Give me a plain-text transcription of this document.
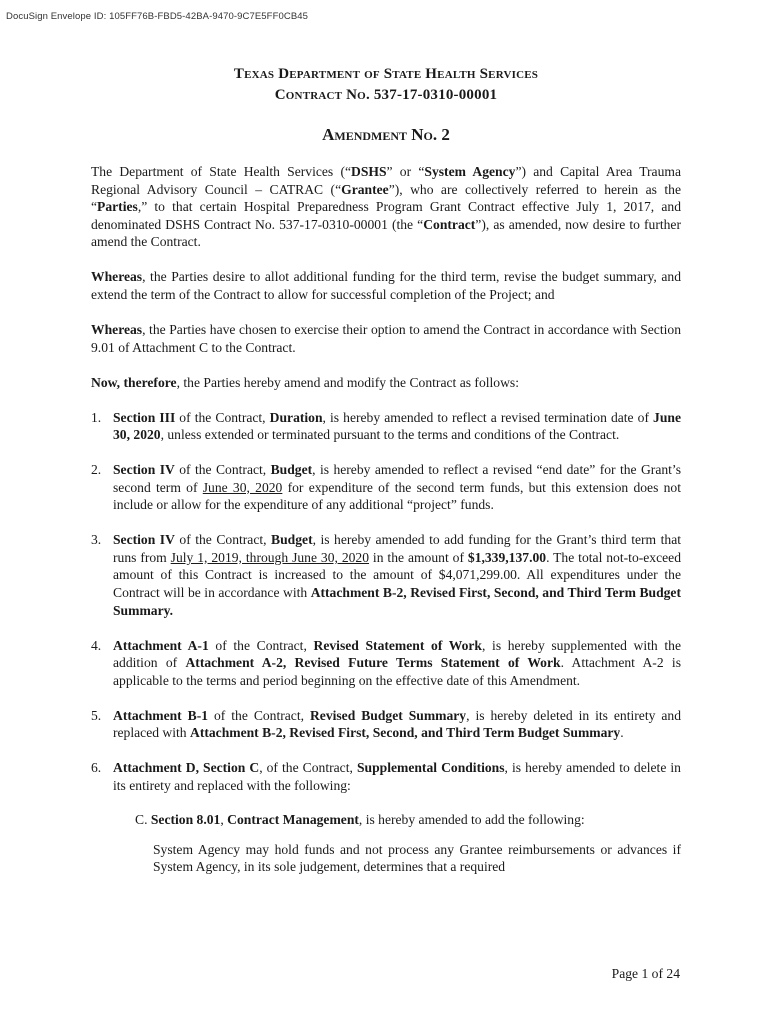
DocuSign Envelope ID: 105FF76B-FBD5-42BA-9470-9C7E5FF0CB45
Texas Department of State Health Services
Contract No. 537-17-0310-00001
Amendment No. 2

The Department of State Health Services (“DSHS” or “System Agency”) and Capital Area Trauma Regional Advisory Council – CATRAC (“Grantee”), who are collectively referred to herein as the “Parties,” to that certain Hospital Preparedness Program Grant Contract effective July 1, 2017, and denominated DSHS Contract No. 537-17-0310-00001 (the “Contract”), as amended, now desire to further amend the Contract.

Whereas, the Parties desire to allot additional funding for the third term, revise the budget summary, and extend the term of the Contract to allow for successful completion of the Project; and

Whereas, the Parties have chosen to exercise their option to amend the Contract in accordance with Section 9.01 of Attachment C to the Contract.

Now, therefore, the Parties hereby amend and modify the Contract as follows:

1. Section III of the Contract, Duration, is hereby amended to reflect a revised termination date of June 30, 2020, unless extended or terminated pursuant to the terms and conditions of the Contract.
2. Section IV of the Contract, Budget, is hereby amended to reflect a revised “end date” for the Grant’s second term of June 30, 2020 for expenditure of the second term funds, but this extension does not include or allow for the expenditure of any additional “project” funds.
3. Section IV of the Contract, Budget, is hereby amended to add funding for the Grant’s third term that runs from July 1, 2019, through June 30, 2020 in the amount of $1,339,137.00. The total not-to-exceed amount of this Contract is increased to the amount of $4,071,299.00. All expenditures under the Contract will be in accordance with Attachment B-2, Revised First, Second, and Third Term Budget Summary.
4. Attachment A-1 of the Contract, Revised Statement of Work, is hereby supplemented with the addition of Attachment A-2, Revised Future Terms Statement of Work. Attachment A-2 is applicable to the terms and period beginning on the effective date of this Amendment.
5. Attachment B-1 of the Contract, Revised Budget Summary, is hereby deleted in its entirety and replaced with Attachment B-2, Revised First, Second, and Third Term Budget Summary.
6. Attachment D, Section C, of the Contract, Supplemental Conditions, is hereby amended to delete in its entirety and replaced with the following:

C. Section 8.01, Contract Management, is hereby amended to add the following:

System Agency may hold funds and not process any Grantee reimbursements or advances if System Agency, in its sole judgement, determines that a required

Page 1 of 24
